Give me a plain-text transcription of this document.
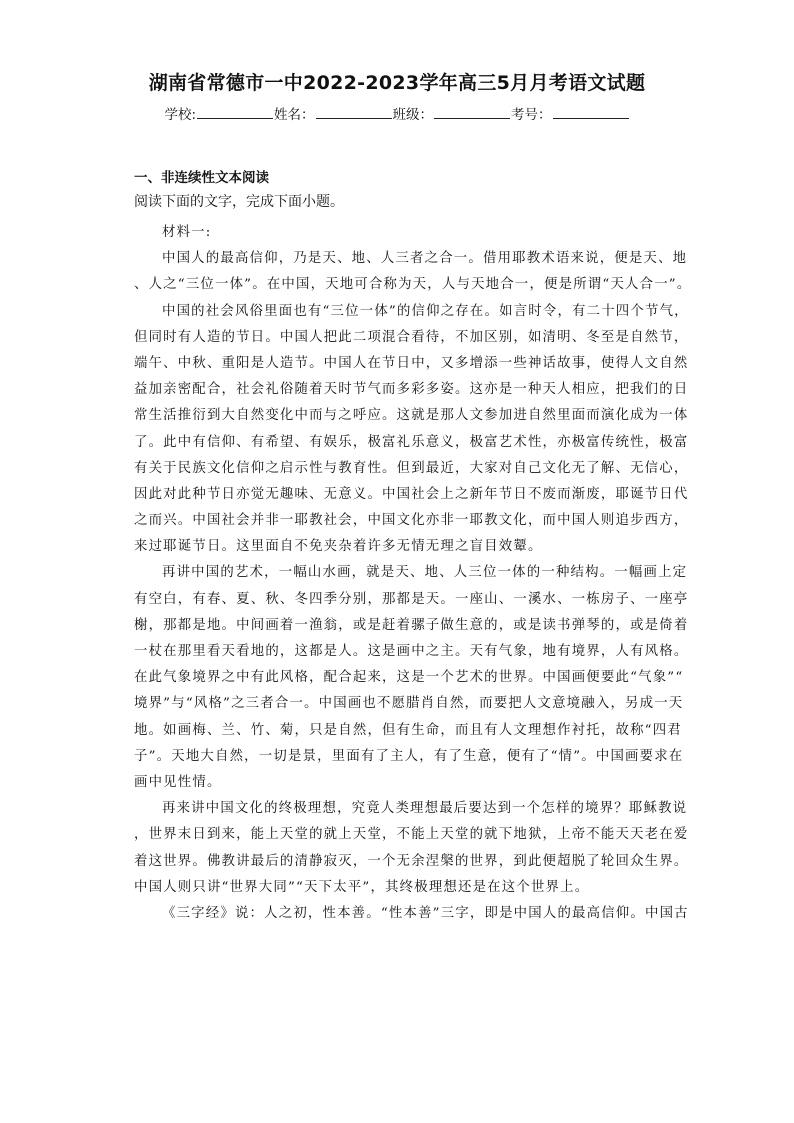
湖南省常德市一中2022-2023学年高三5月月考语文试题
学校:	姓名：	班级：	考号：
一、非连续性文本阅读
阅读下面的文字，完成下面小题。
材料一:
中国人的最高信仰，乃是天、地、人三者之合一。借用耶教术语来说，便是天、地
、人之“三位一体”。在中国，天地可合称为天，人与天地合一，便是所谓“天人合一”。
中国的社会风俗里面也有“三位一体”的信仰之存在。如言时令，有二十四个节气，
但同时有人造的节日。中国人把此二项混合看待，不加区别，如清明、冬至是自然节，
端午、中秋、重阳是人造节。中国人在节日中，又多增添一些神话故事，使得人文自然
益加亲密配合，社会礼俗随着天时节气而多彩多姿。这亦是一种天人相应，把我们的日
常生活推衍到大自然变化中而与之呼应。这就是那人文参加进自然里面而演化成为一体
了。此中有信仰、有希望、有娱乐，极富礼乐意义，极富艺术性，亦极富传统性，极富
有关于民族文化信仰之启示性与教育性。但到最近，大家对自己文化无了解、无信心，
因此对此种节日亦觉无趣味、无意义。中国社会上之新年节日不废而渐废，耶诞节日代
之而兴。中国社会并非一耶教社会，中国文化亦非一耶教文化，而中国人则追步西方，
来过耶诞节日。这里面自不免夹杂着许多无情无理之盲目效颦。
再讲中国的艺术，一幅山水画，就是天、地、人三位一体的一种结构。一幅画上定
有空白，有春、夏、秋、冬四季分别，那都是天。一座山、一溪水、一栋房子、一座亭
榭，那都是地。中间画着一渔翁，或是赶着骡子做生意的，或是读书弹琴的，或是倚着
一杖在那里看天看地的，这都是人。这是画中之主。天有气象，地有境界，人有风格。
在此气象境界之中有此风格，配合起来，这是一个艺术的世界。中国画便要此“气象”“
境界”与“风格”之三者合一。中国画也不愿腊肖自然，而要把人文意境融入，另成一天
地。如画梅、兰、竹、菊，只是自然，但有生命，而且有人文理想作衬托，故称“四君
子”。天地大自然，一切是景，里面有了主人，有了生意，便有了“情”。中国画要求在
画中见性情。
再来讲中国文化的终极理想，究竟人类理想最后要达到一个怎样的境界？耶稣教说
，世界末日到来，能上天堂的就上天堂，不能上天堂的就下地狱，上帝不能天天老在爱
着这世界。佛教讲最后的清静寂灭，一个无余涅槃的世界，到此便超脱了轮回众生界。
中国人则只讲“世界大同”“天下太平”，其终极理想还是在这个世界上。
《三字经》说：人之初，性本善。“性本善”三字，即是中国人的最高信仰。中国古
